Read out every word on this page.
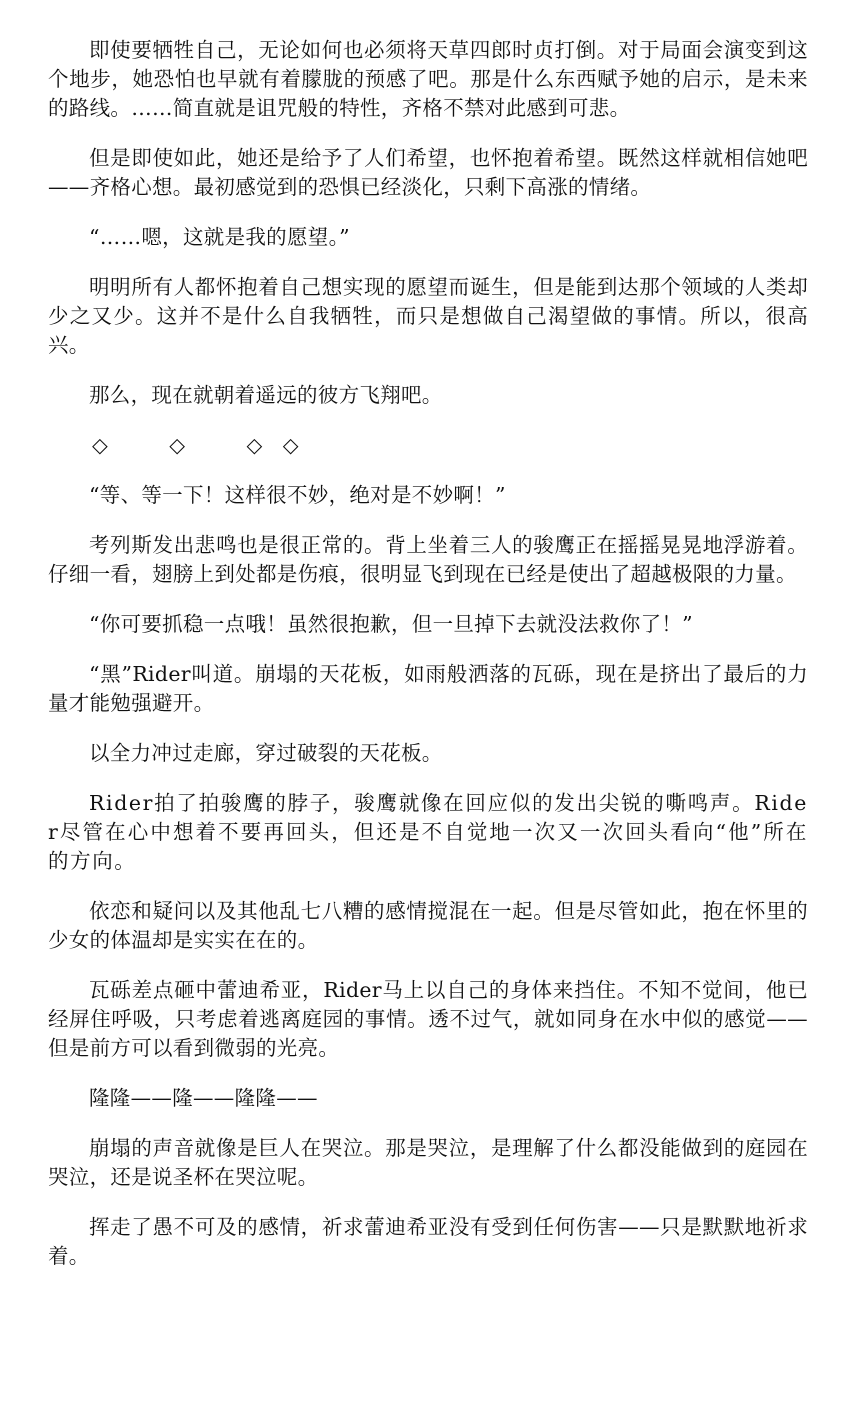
即使要牺牲自己，无论如何也必须将天草四郎时贞打倒。对于局面会演变到这个地步，她恐怕也早就有着朦胧的预感了吧。那是什么东西赋予她的启示，是未来的路线。……简直就是诅咒般的特性，齐格不禁对此感到可悲。

但是即使如此，她还是给予了人们希望，也怀抱着希望。既然这样就相信她吧——齐格心想。最初感觉到的恐惧已经淡化，只剩下高涨的情绪。

“……嗯，这就是我的愿望。”

明明所有人都怀抱着自己想实现的愿望而诞生，但是能到达那个领域的人类却少之又少。这并不是什么自我牺牲，而只是想做自己渴望做的事情。所以，很高兴。

那么，现在就朝着遥远的彼方飞翔吧。

◇　　　◇　　　◇　◇

“等、等一下！这样很不妙，绝对是不妙啊！”

考列斯发出悲鸣也是很正常的。背上坐着三人的骏鹰正在摇摇晃晃地浮游着。仔细一看，翅膀上到处都是伤痕，很明显飞到现在已经是使出了超越极限的力量。

“你可要抓稳一点哦！虽然很抱歉，但一旦掉下去就没法救你了！”

“黑”Rider叫道。崩塌的天花板，如雨般洒落的瓦砾，现在是挤出了最后的力量才能勉强避开。

以全力冲过走廊，穿过破裂的天花板。

Rider拍了拍骏鹰的脖子，骏鹰就像在回应似的发出尖锐的嘶鸣声。Rider尽管在心中想着不要再回头，但还是不自觉地一次又一次回头看向“他”所在的方向。

依恋和疑问以及其他乱七八糟的感情搅混在一起。但是尽管如此，抱在怀里的少女的体温却是实实在在的。

瓦砾差点砸中蕾迪希亚，Rider马上以自己的身体来挡住。不知不觉间，他已经屏住呼吸，只考虑着逃离庭园的事情。透不过气，就如同身在水中似的感觉——但是前方可以看到微弱的光亮。

隆隆——隆——隆隆——

崩塌的声音就像是巨人在哭泣。那是哭泣，是理解了什么都没能做到的庭园在哭泣，还是说圣杯在哭泣呢。

挥走了愚不可及的感情，祈求蕾迪希亚没有受到任何伤害——只是默默地祈求着。
